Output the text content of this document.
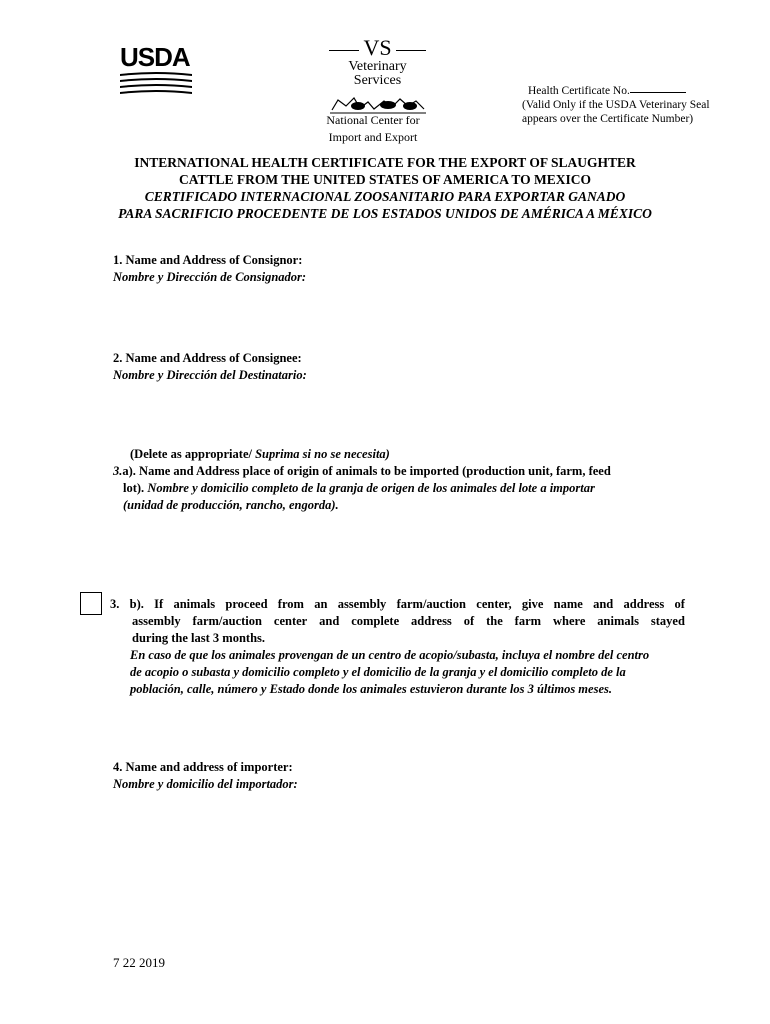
USDA	VS
Veterinary Services
National Center for
Import and Export
Health Certificate No.
(Valid Only if the USDA Veterinary Seal
appears over the Certificate Number)
INTERNATIONAL HEALTH CERTIFICATE FOR THE EXPORT OF SLAUGHTER
CATTLE FROM THE UNITED STATES OF AMERICA TO MEXICO
CERTIFICADO INTERNACIONAL ZOOSANITARIO PARA EXPORTAR GANADO
PARA SACRIFICIO PROCEDENTE DE LOS ESTADOS UNIDOS DE AMÉRICA A MÉXICO
1. Name and Address of Consignor:
Nombre y Dirección de Consignador:
2. Name and Address of Consignee:
Nombre y Dirección del Destinatario:
(Delete as appropriate/ Suprima si no se necesita)
3.a). Name and Address place of origin of animals to be imported (production unit, farm, feed
lot). Nombre y domicilio completo de la granja de origen de los animales del lote a importar
(unidad de producción, rancho, engorda).
3. b). If animals proceed from an assembly farm/auction center, give name and address of
assembly farm/auction center and complete address of the farm where animals stayed
during the last 3 months.
En caso de que los animales provengan de un centro de acopio/subasta, incluya el nombre del centro
de acopio o subasta y domicilio completo y el domicilio de la granja y el domicilio completo de la
población, calle, número y Estado donde los animales estuvieron durante los 3 últimos meses.
4. Name and address of importer:
Nombre y domicilio del importador:
7 22 2019
